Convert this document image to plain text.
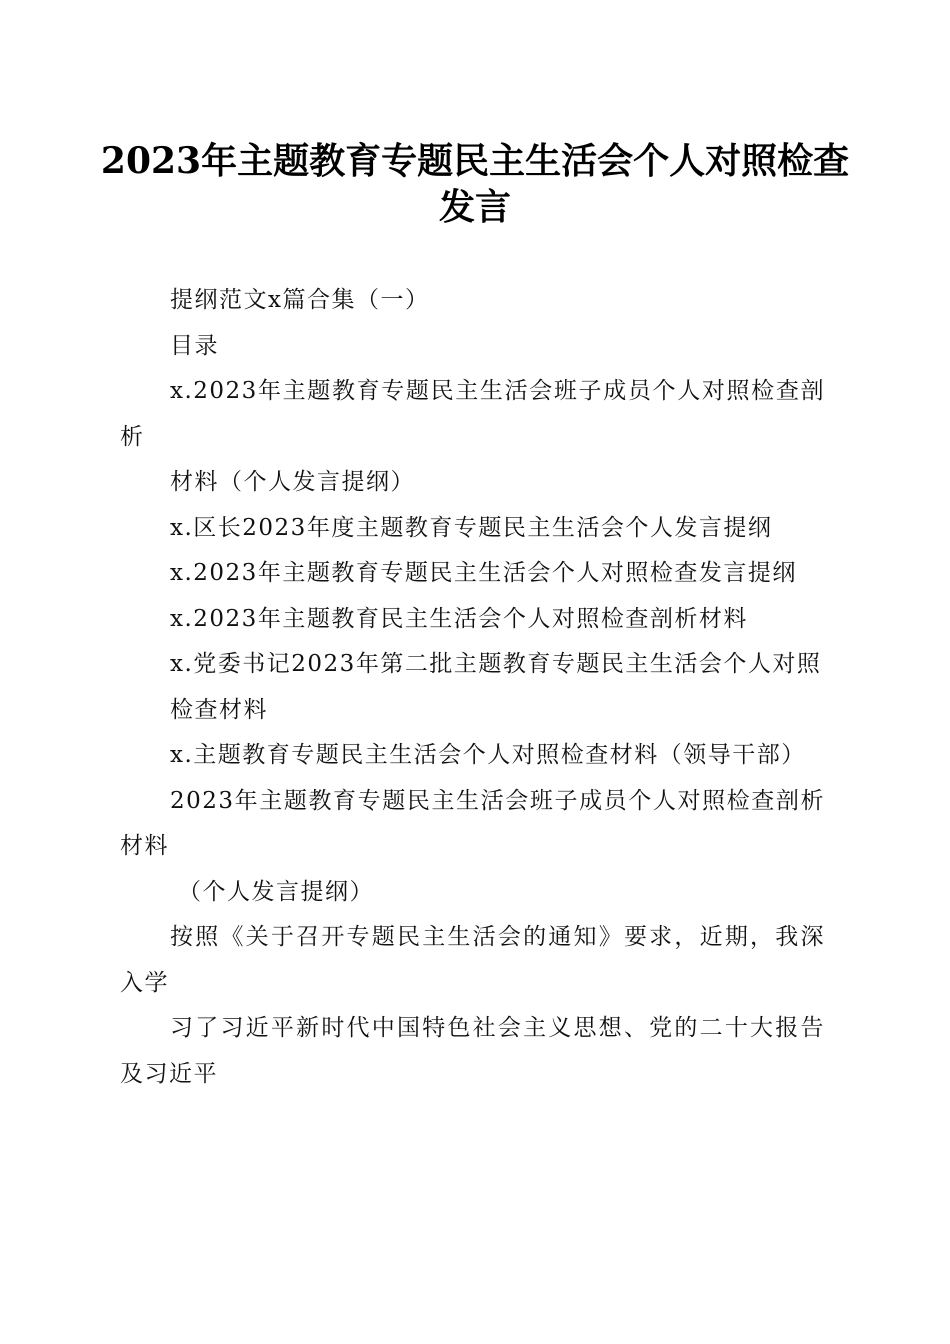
2023年主题教育专题民主生活会个人对照检查发言

提纲范文x篇合集（一）

目录

x.2023年主题教育专题民主生活会班子成员个人对照检查剖析

材料（个人发言提纲）

x.区长2023年度主题教育专题民主生活会个人发言提纲

x.2023年主题教育专题民主生活会个人对照检查发言提纲

x.2023年主题教育民主生活会个人对照检查剖析材料

x.党委书记2023年第二批主题教育专题民主生活会个人对照

检查材料

x.主题教育专题民主生活会个人对照检查材料（领导干部）

2023年主题教育专题民主生活会班子成员个人对照检查剖析材料

（个人发言提纲）

按照《关于召开专题民主生活会的通知》要求，近期，我深入学

习了习近平新时代中国特色社会主义思想、党的二十大报告及习近平
